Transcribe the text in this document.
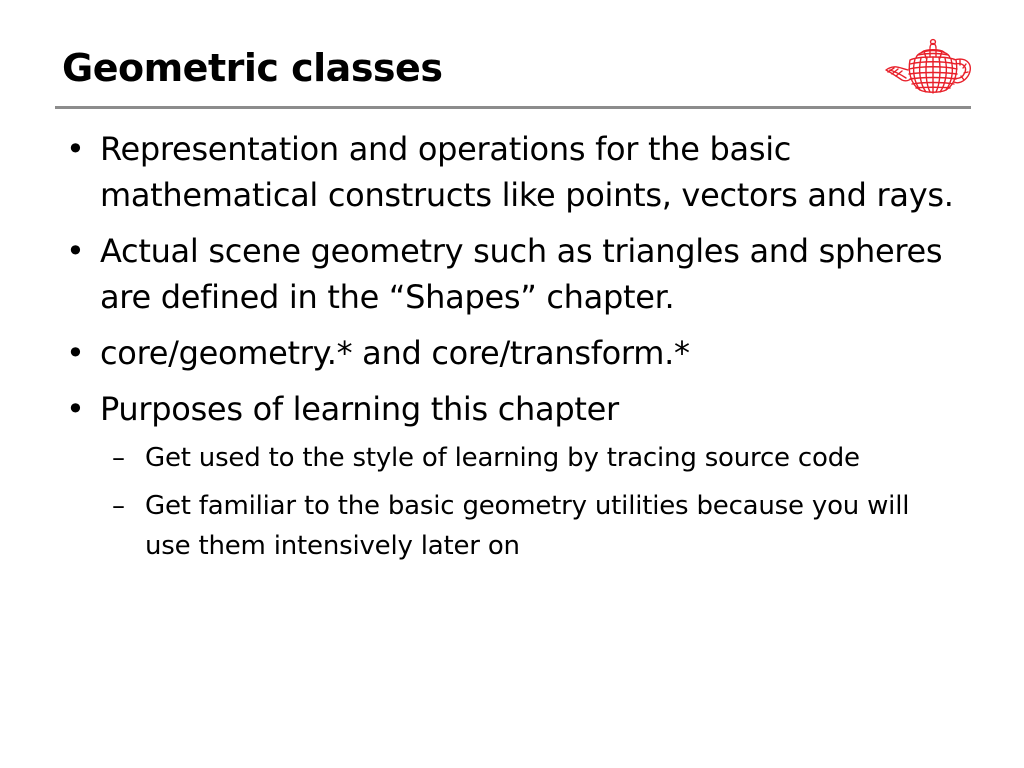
Geometric classes
• Representation and operations for the basic mathematical constructs like points, vectors and rays.
• Actual scene geometry such as triangles and spheres are defined in the “Shapes” chapter.
• core/geometry.* and core/transform.*
• Purposes of learning this chapter
– Get used to the style of learning by tracing source code
– Get familiar to the basic geometry utilities because you will use them intensively later on
